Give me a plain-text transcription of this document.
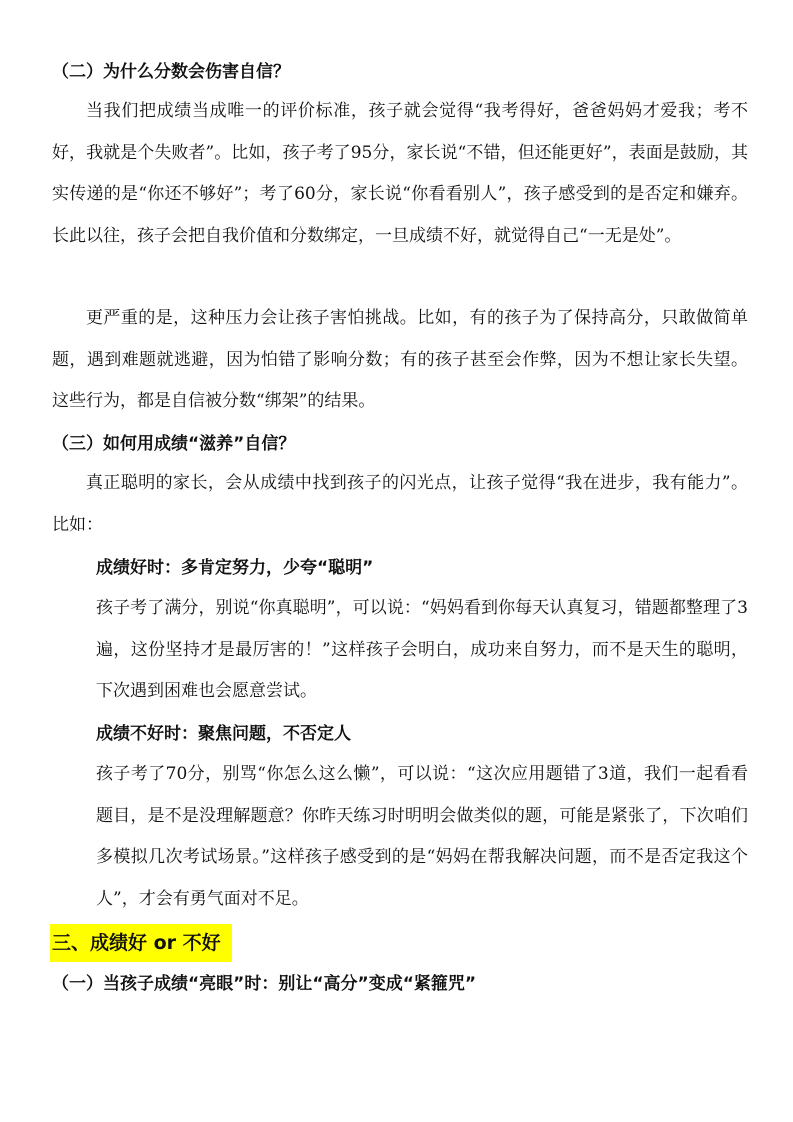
（二）为什么分数会伤害自信？

当我们把成绩当成唯一的评价标准，孩子就会觉得“我考得好，爸爸妈妈才爱我；考不好，我就是个失败者”。比如，孩子考了95分，家长说“不错，但还能更好”，表面是鼓励，其实传递的是“你还不够好”；考了60分，家长说“你看看别人”，孩子感受到的是否定和嫌弃。长此以往，孩子会把自我价值和分数绑定，一旦成绩不好，就觉得自己“一无是处”。

更严重的是，这种压力会让孩子害怕挑战。比如，有的孩子为了保持高分，只敢做简单题，遇到难题就逃避，因为怕错了影响分数；有的孩子甚至会作弊，因为不想让家长失望。这些行为，都是自信被分数“绑架”的结果。

（三）如何用成绩“滋养”自信？

真正聪明的家长，会从成绩中找到孩子的闪光点，让孩子觉得“我在进步，我有能力”。比如：

成绩好时：多肯定努力，少夸“聪明”

孩子考了满分，别说“你真聪明”，可以说：“妈妈看到你每天认真复习，错题都整理了3遍，这份坚持才是最厉害的！”这样孩子会明白，成功来自努力，而不是天生的聪明，下次遇到困难也会愿意尝试。

成绩不好时：聚焦问题，不否定人

孩子考了70分，别骂“你怎么这么懒”，可以说：“这次应用题错了3道，我们一起看看题目，是不是没理解题意？你昨天练习时明明会做类似的题，可能是紧张了，下次咱们多模拟几次考试场景。”这样孩子感受到的是“妈妈在帮我解决问题，而不是否定我这个人”，才会有勇气面对不足。

三、成绩好 or 不好
（一）当孩子成绩“亮眼”时：别让“高分”变成“紧箍咒”
